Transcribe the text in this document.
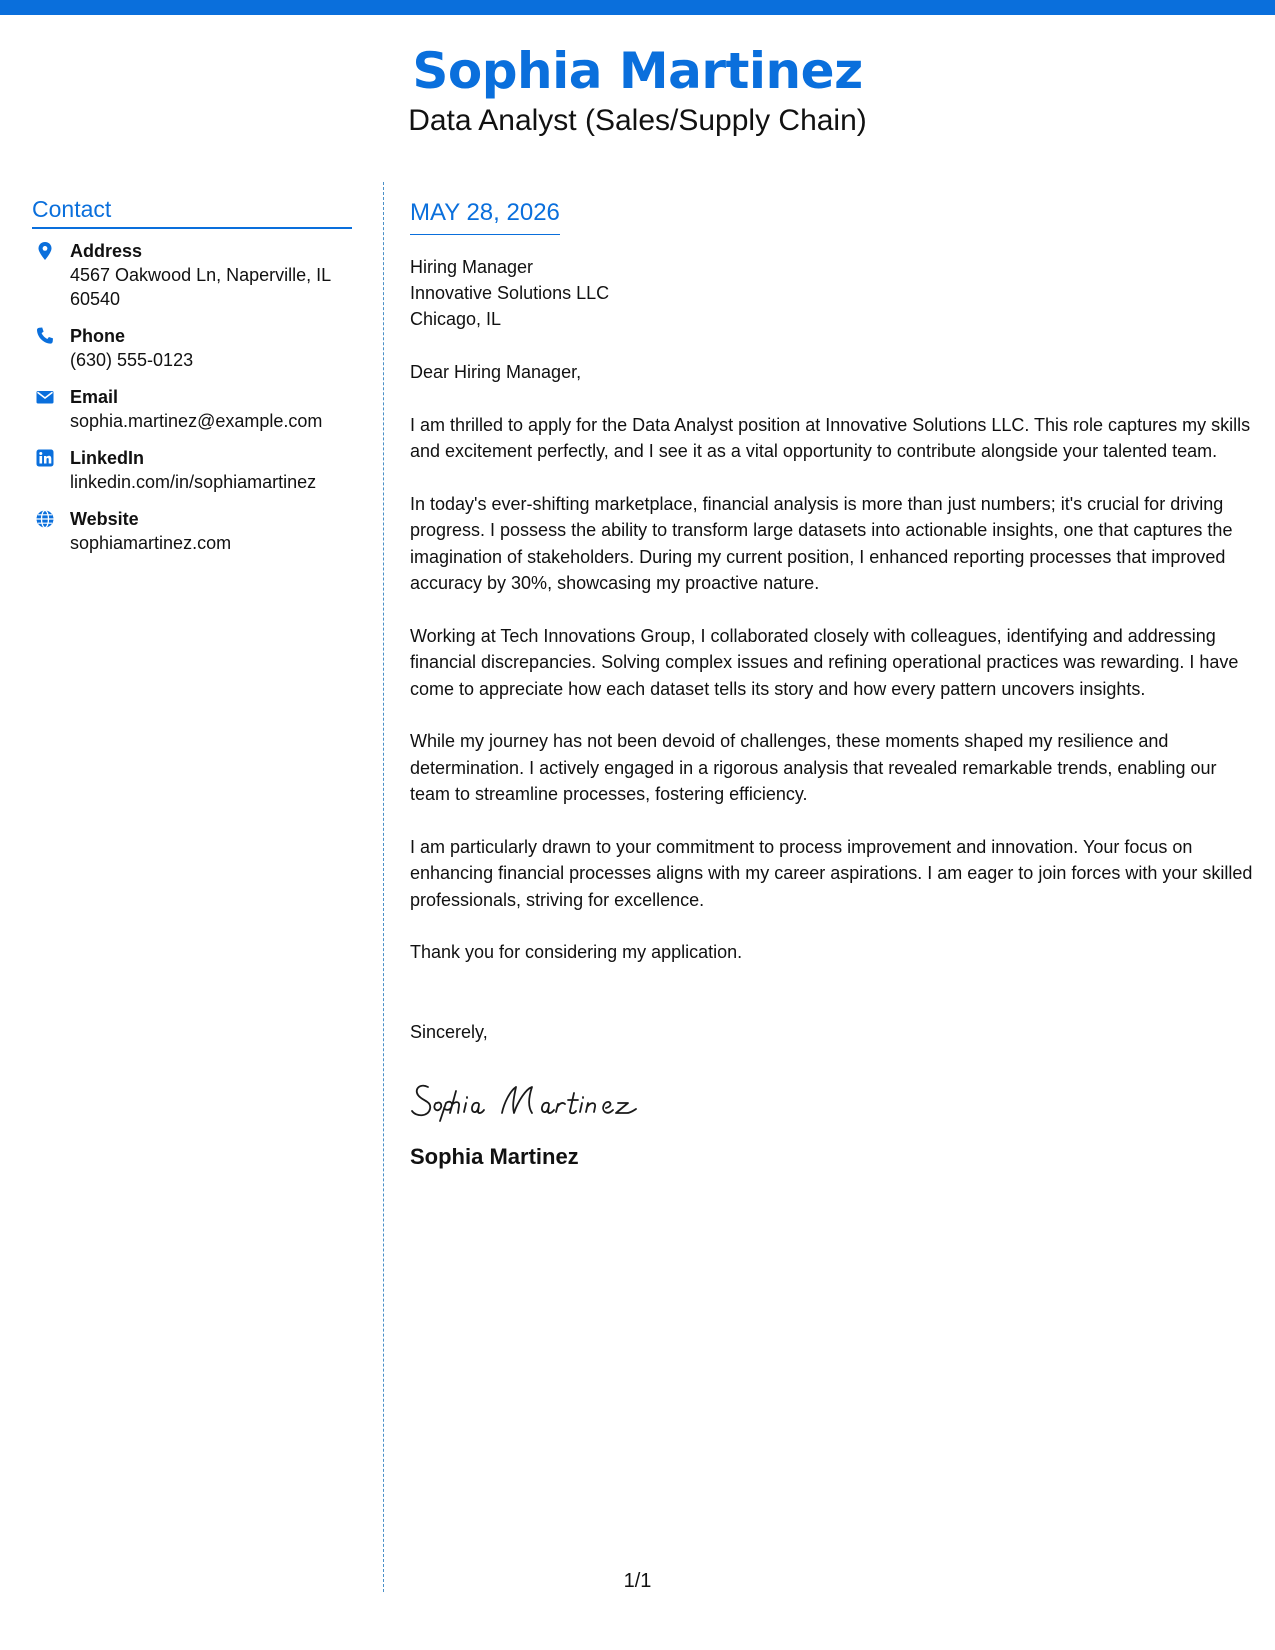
Sophia Martinez
Data Analyst (Sales/Supply Chain)
Contact
Address
4567 Oakwood Ln, Naperville, IL
60540
Phone
(630) 555-0123
Email
sophia.martinez@example.com
LinkedIn
linkedin.com/in/sophiamartinez
Website
sophiamartinez.com
MAY 28, 2026
Hiring Manager
Innovative Solutions LLC
Chicago, IL
Dear Hiring Manager,
I am thrilled to apply for the Data Analyst position at Innovative Solutions LLC. This role captures my skills and excitement perfectly, and I see it as a vital opportunity to contribute alongside your talented team.
In today's ever-shifting marketplace, financial analysis is more than just numbers; it's crucial for driving progress. I possess the ability to transform large datasets into actionable insights, one that captures the imagination of stakeholders. During my current position, I enhanced reporting processes that improved accuracy by 30%, showcasing my proactive nature.
Working at Tech Innovations Group, I collaborated closely with colleagues, identifying and addressing financial discrepancies. Solving complex issues and refining operational practices was rewarding. I have come to appreciate how each dataset tells its story and how every pattern uncovers insights.
While my journey has not been devoid of challenges, these moments shaped my resilience and determination. I actively engaged in a rigorous analysis that revealed remarkable trends, enabling our team to streamline processes, fostering efficiency.
I am particularly drawn to your commitment to process improvement and innovation. Your focus on enhancing financial processes aligns with my career aspirations. I am eager to join forces with your skilled professionals, striving for excellence.
Thank you for considering my application.
Sincerely,
Sophia Martinez
1/1
